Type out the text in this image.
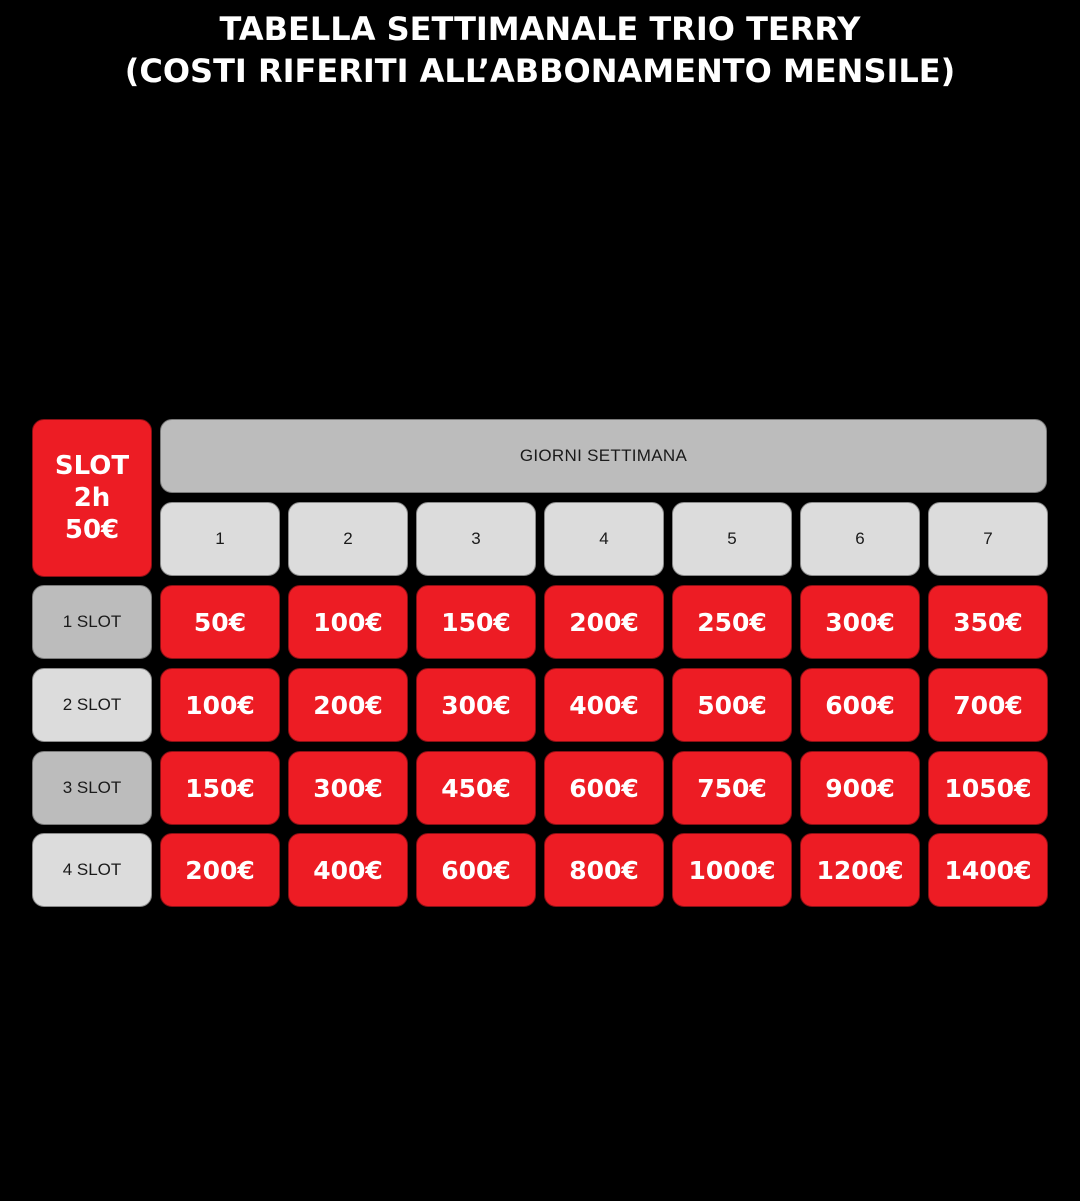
TABELLA SETTIMANALE TRIO TERRY
(COSTI RIFERITI ALL’ABBONAMENTO MENSILE)
SLOT
2h
50€
GIORNI SETTIMANA
1	2	3	4	5	6	7
1 SLOT	50€	100€	150€	200€	250€	300€	350€
2 SLOT	100€	200€	300€	400€	500€	600€	700€
3 SLOT	150€	300€	450€	600€	750€	900€	1050€
4 SLOT	200€	400€	600€	800€	1000€	1200€	1400€
